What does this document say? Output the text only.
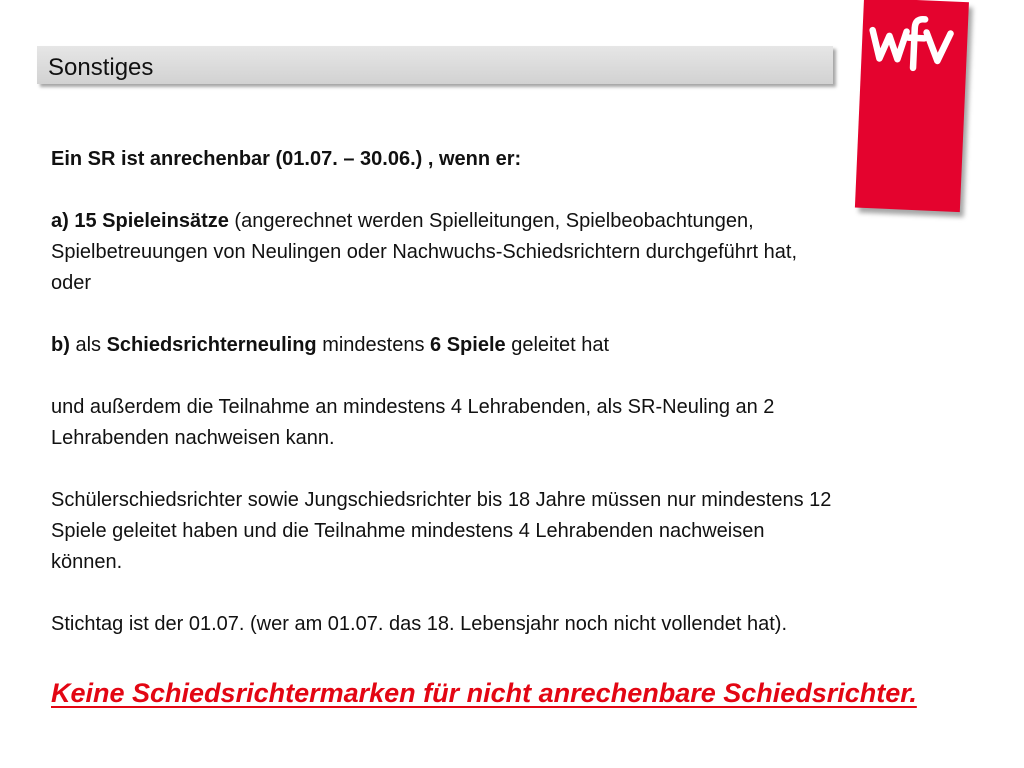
Sonstiges
Ein SR ist anrechenbar (01.07. – 30.06.) , wenn er:
a) 15 Spieleinsätze (angerechnet werden Spielleitungen, Spielbeobachtungen,
Spielbetreuungen von Neulingen oder Nachwuchs-Schiedsrichtern durchgeführt hat,
oder
b) als Schiedsrichterneuling mindestens 6 Spiele geleitet hat
und außerdem die Teilnahme an mindestens 4 Lehrabenden, als SR-Neuling an 2
Lehrabenden nachweisen kann.
Schülerschiedsrichter sowie Jungschiedsrichter bis 18 Jahre müssen nur mindestens 12
Spiele geleitet haben und die Teilnahme mindestens 4 Lehrabenden nachweisen
können.
Stichtag ist der 01.07. (wer am 01.07. das 18. Lebensjahr noch nicht vollendet hat).
Keine Schiedsrichtermarken für nicht anrechenbare Schiedsrichter.
